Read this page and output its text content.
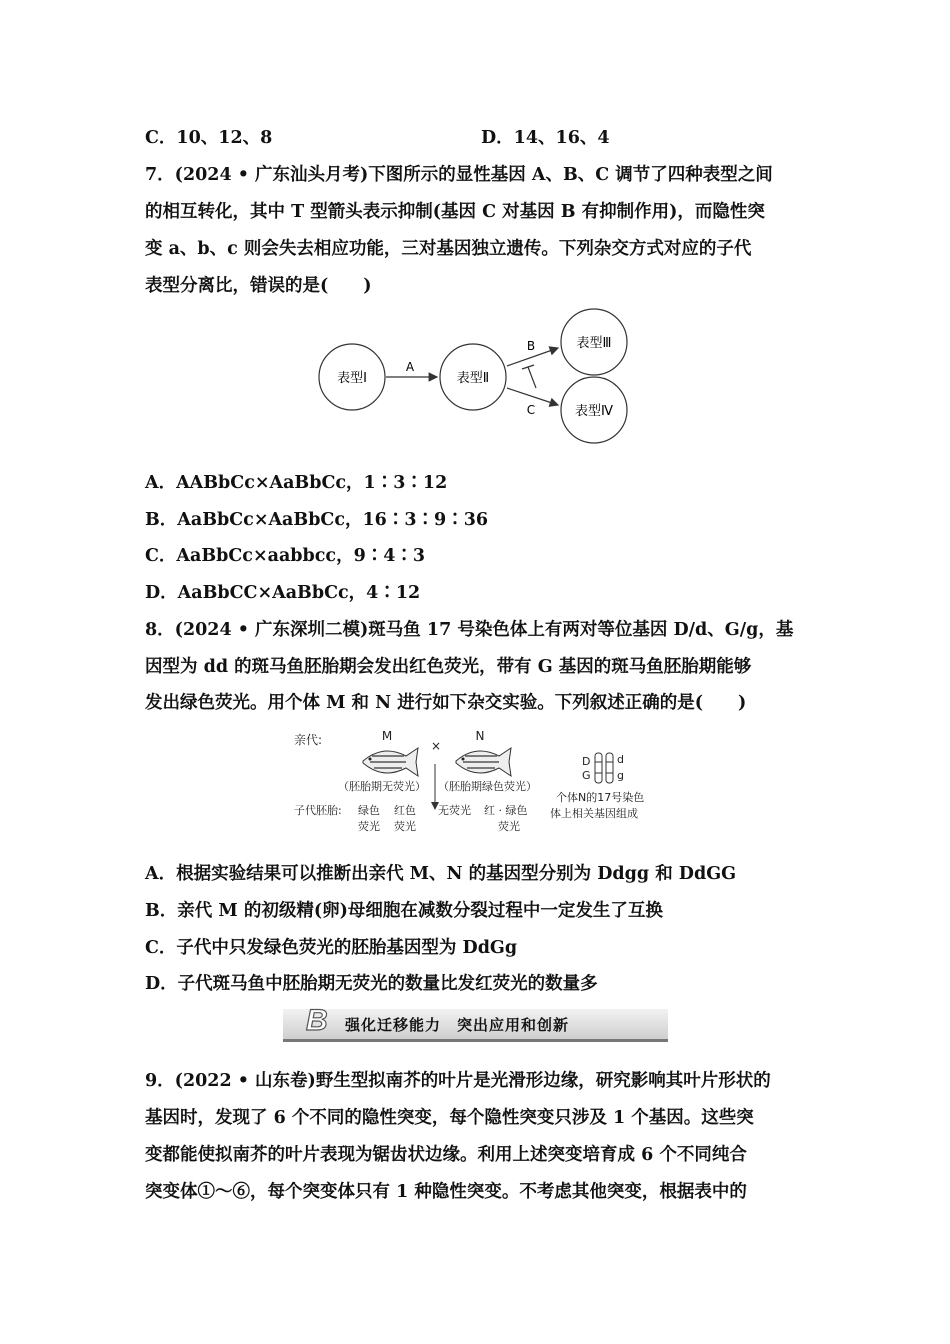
C．10、12、8	D．14、16、4
7．(2024 • 广东汕头月考)下图所示的显性基因 A、B、C 调节了四种表型之间
的相互转化，其中 T 型箭头表示抑制(基因 C 对基因 B 有抑制作用)，而隐性突
变 a、b、c 则会失去相应功能，三对基因独立遗传。下列杂交方式对应的子代
表型分离比，错误的是(　　)
表型Ⅰ	表型Ⅱ
表型Ⅲ
表型Ⅳ
A
B
C
A．AABbCc×AaBbCc，1∶3∶12
B．AaBbCc×AaBbCc，16∶3∶9∶36
C．AaBbCc×aabbcc，9∶4∶3
D．AaBbCC×AaBbCc，4∶12
8．(2024 • 广东深圳二模)斑马鱼 17 号染色体上有两对等位基因 D/d、G/g，基
因型为 dd 的斑马鱼胚胎期会发出红色荧光，带有 G 基因的斑马鱼胚胎期能够
发出绿色荧光。用个体 M 和 N 进行如下杂交实验。下列叙述正确的是(　　)
亲代:	M
×
N
（胚胎期无荧光） （胚胎期绿色荧光）
子代胚胎: 绿色
荧光
红色
荧光
无荧光 红 · 绿色
荧光
D
G
d
g
个体N的17号染色
体上相关基因组成
A．根据实验结果可以推断出亲代 M、N 的基因型分别为 Ddgg 和 DdGG
B．亲代 M 的初级精(卵)母细胞在减数分裂过程中一定发生了互换
C．子代中只发绿色荧光的胚胎基因型为 DdGg
D．子代斑马鱼中胚胎期无荧光的数量比发红荧光的数量多
B 强化迁移能力　突出应用和创新
9．(2022 • 山东卷)野生型拟南芥的叶片是光滑形边缘，研究影响其叶片形状的
基因时，发现了 6 个不同的隐性突变，每个隐性突变只涉及 1 个基因。这些突
变都能使拟南芥的叶片表现为锯齿状边缘。利用上述突变培育成 6 个不同纯合
突变体①～⑥，每个突变体只有 1 种隐性突变。不考虑其他突变，根据表中的
